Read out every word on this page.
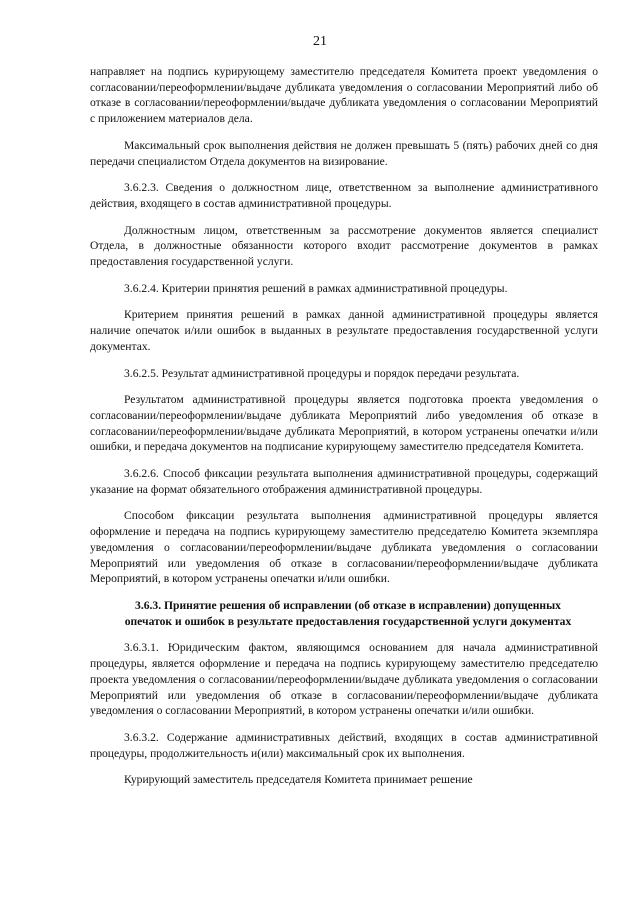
21

направляет на подпись курирующему заместителю председателя Комитета проект уведомления о согласовании/переоформлении/выдаче дубликата уведомления о согласовании Мероприятий либо об отказе в согласовании/переоформлении/выдаче дубликата уведомления о согласовании Мероприятий с приложением материалов дела.

Максимальный срок выполнения действия не должен превышать 5 (пять) рабочих дней со дня передачи специалистом Отдела документов на визирование.

3.6.2.3. Сведения о должностном лице, ответственном за выполнение административного действия, входящего в состав административной процедуры.

Должностным лицом, ответственным за рассмотрение документов является специалист Отдела, в должностные обязанности которого входит рассмотрение документов в рамках предоставления государственной услуги.

3.6.2.4. Критерии принятия решений в рамках административной процедуры.

Критерием принятия решений в рамках данной административной процедуры является наличие опечаток и/или ошибок в выданных в результате предоставления государственной услуги документах.

3.6.2.5. Результат административной процедуры и порядок передачи результата.

Результатом административной процедуры является подготовка проекта уведомления о согласовании/переоформлении/выдаче дубликата Мероприятий либо уведомления об отказе в согласовании/переоформлении/выдаче дубликата Мероприятий, в котором устранены опечатки и/или ошибки, и передача документов на подписание курирующему заместителю председателя Комитета.

3.6.2.6. Способ фиксации результата выполнения административной процедуры, содержащий указание на формат обязательного отображения административной процедуры.

Способом фиксации результата выполнения административной процедуры является оформление и передача на подпись курирующему заместителю председателю Комитета экземпляра уведомления о согласовании/переоформлении/выдаче дубликата уведомления о согласовании Мероприятий или уведомления об отказе в согласовании/переоформлении/выдаче дубликата Мероприятий, в котором устранены опечатки и/или ошибки.

3.6.3. Принятие решения об исправлении (об отказе в исправлении) допущенных опечаток и ошибок в результате предоставления государственной услуги документах

3.6.3.1. Юридическим фактом, являющимся основанием для начала административной процедуры, является оформление и передача на подпись курирующему заместителю председателю проекта уведомления о согласовании/переоформлении/выдаче дубликата уведомления о согласовании Мероприятий или уведомления об отказе в согласовании/переоформлении/выдаче дубликата уведомления о согласовании Мероприятий, в котором устранены опечатки и/или ошибки.

3.6.3.2. Содержание административных действий, входящих в состав административной процедуры, продолжительность и(или) максимальный срок их выполнения.

Курирующий заместитель председателя Комитета принимает решение
